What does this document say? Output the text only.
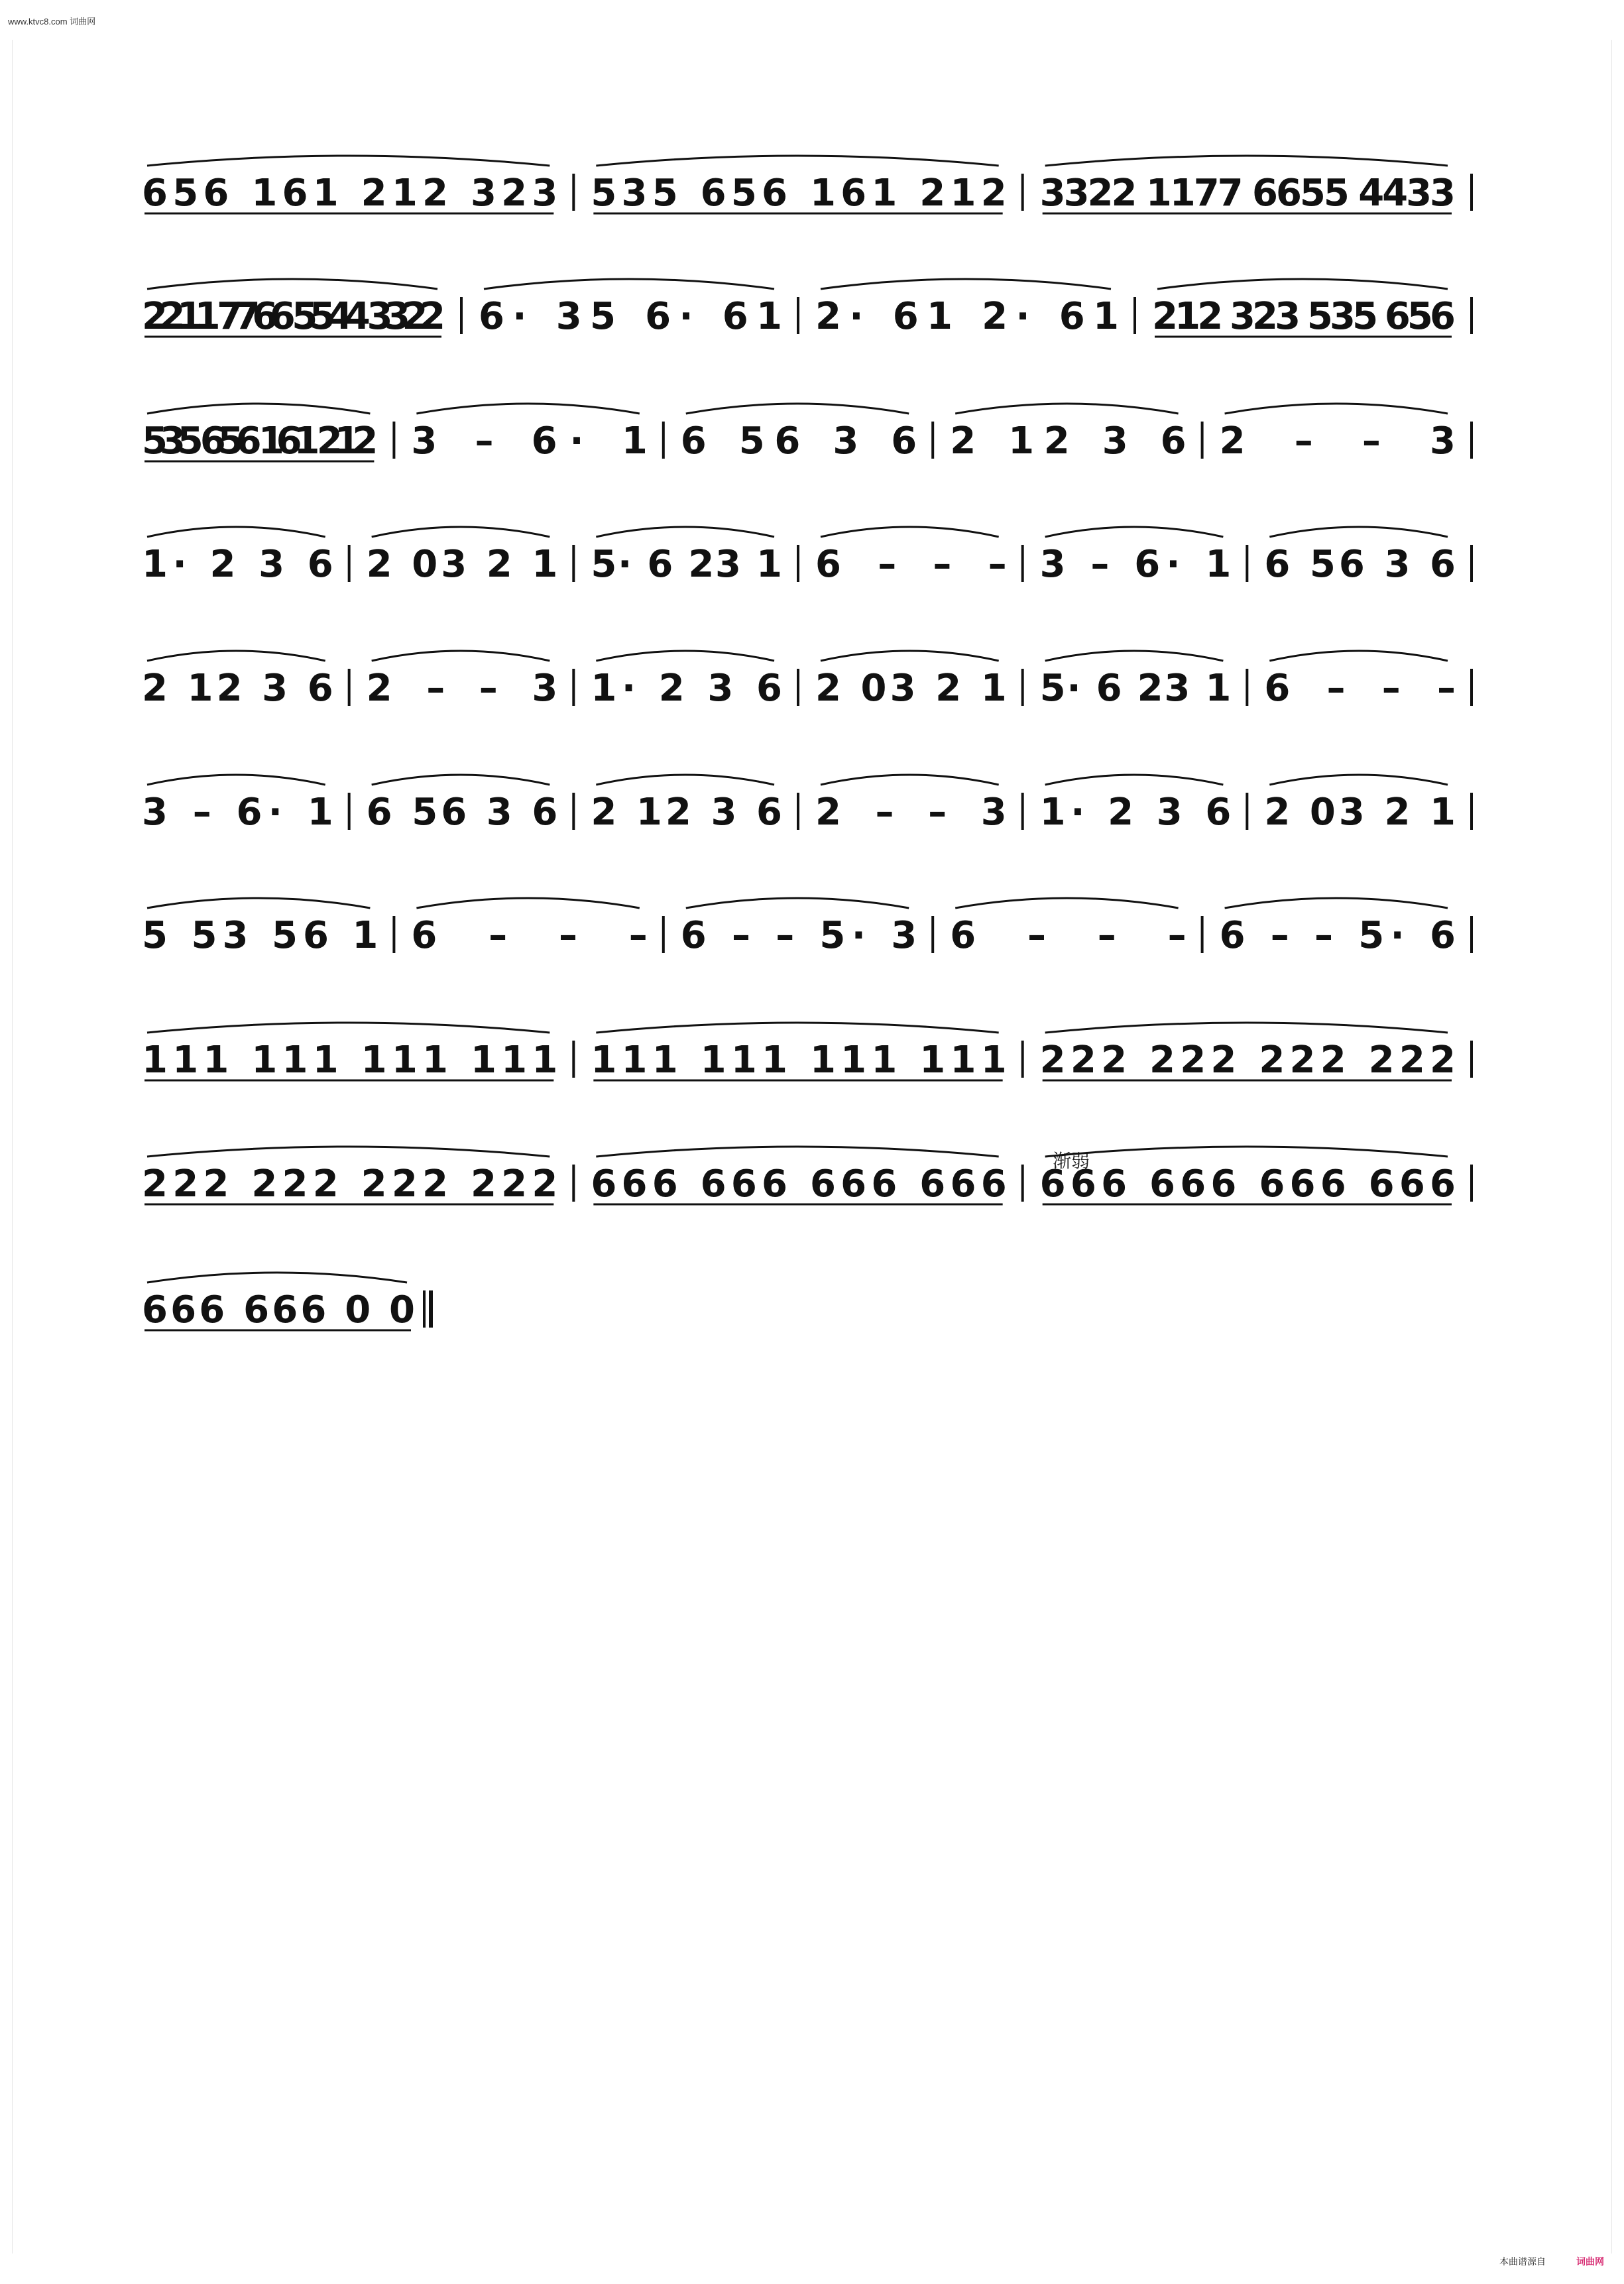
www.ktvc8.com 词曲网
渐弱
656 161 212 323 535 656 161 212 3322 1177 6655 4433
2211 7766 5544 3322 6· 35 6· 61 2· 61 2· 61 212 323 535 656
535 656 161 212 3 – 6· 1 6 56 3 6 2 12 3 6 2 – – 3
1· 2 3 6 2 03 2 1 5· 6 23 1 6 – – – 3 – 6· 1 6 56 3 6
2 12 3 6 2 – – 3 1· 2 3 6 2 03 2 1 5· 6 23 1 6 – – –
3 – 6· 1 6 56 3 6 2 12 3 6 2 – – 3 1· 2 3 6 2 03 2 1
5 53 56 1 6 – – – 6 – – 5· 3 6 – – – 6 – – 5· 6
111 111 111 111 111 111 111 111 222 222 222 222
222 222 222 222 666 666 666 666 666 666 666 666
666 666 0 0
本曲谱源自	词曲网
